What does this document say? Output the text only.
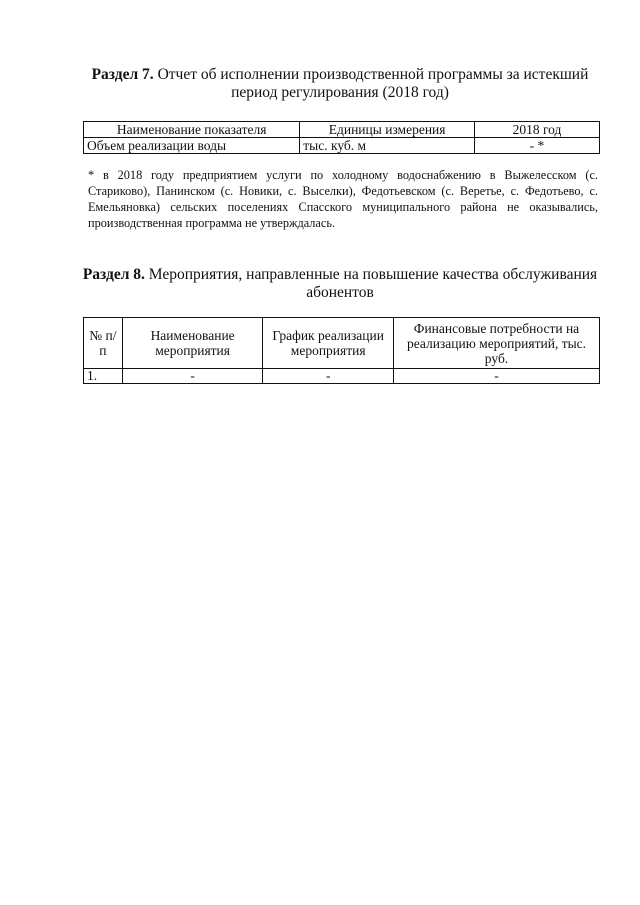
Раздел 7. Отчет об исполнении производственной программы за истекший период регулирования (2018 год)
Наименование показателя	Единицы измерения	2018 год
Объем реализации воды	тыс. куб. м	- *
* в 2018 году предприятием услуги по холодному водоснабжению в Выжелесском (с. Стариково), Панинском (с. Новики, с. Выселки), Федотьевском (с. Веретье, с. Федотьево, с. Емельяновка) сельских поселениях Спасского муниципального района не оказывались, производственная программа не утверждалась.
Раздел 8. Мероприятия, направленные на повышение качества обслуживания абонентов
№ п/п	Наименование мероприятия	График реализации мероприятия	Финансовые потребности на реализацию мероприятий, тыс. руб.
1.	-	-	-
